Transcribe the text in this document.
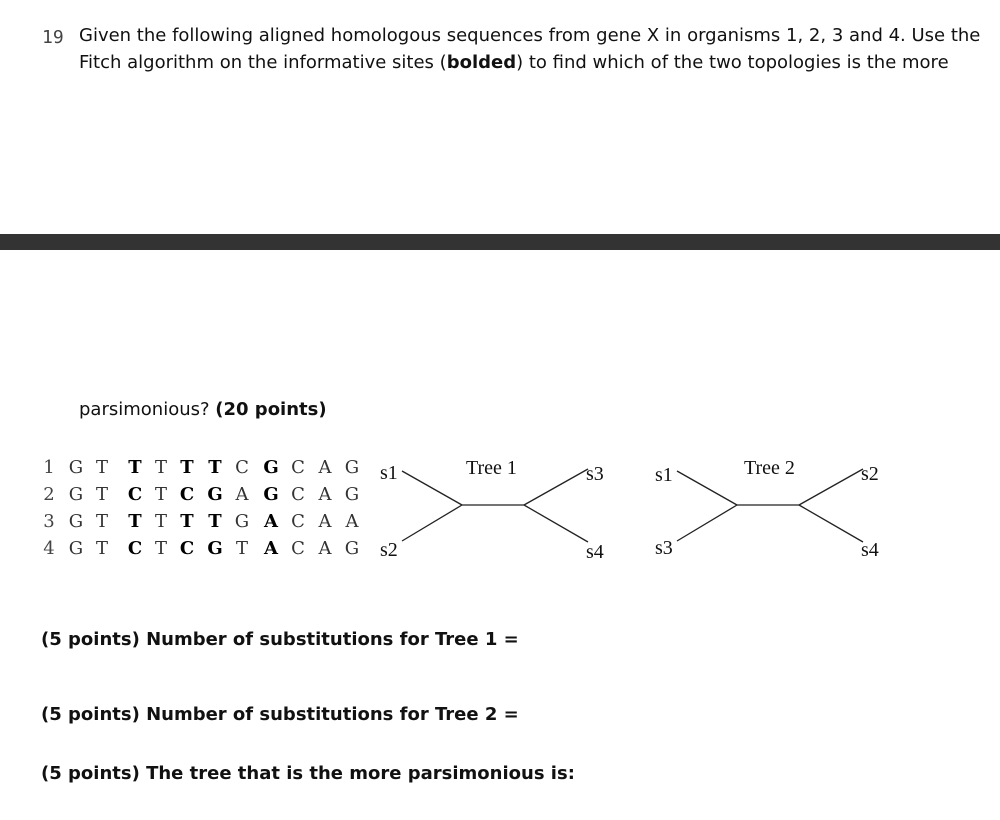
19 Given the following aligned homologous sequences from gene X in organisms 1, 2, 3 and 4. Use the
Fitch algorithm on the informative sites (bolded) to find which of the two topologies is the more
parsimonious? (20 points)
1 G T T T T T C G C A G
2 G T C T C G A G C A G
3 G T T T T T G A C A A
4 G T C T C G T A C A G
Tree 1
s1
s2
s3
s4
Tree 2
s1
s3
s2
s4
(5 points) Number of substitutions for Tree 1 =
(5 points) Number of substitutions for Tree 2 =
(5 points) The tree that is the more parsimonious is:
